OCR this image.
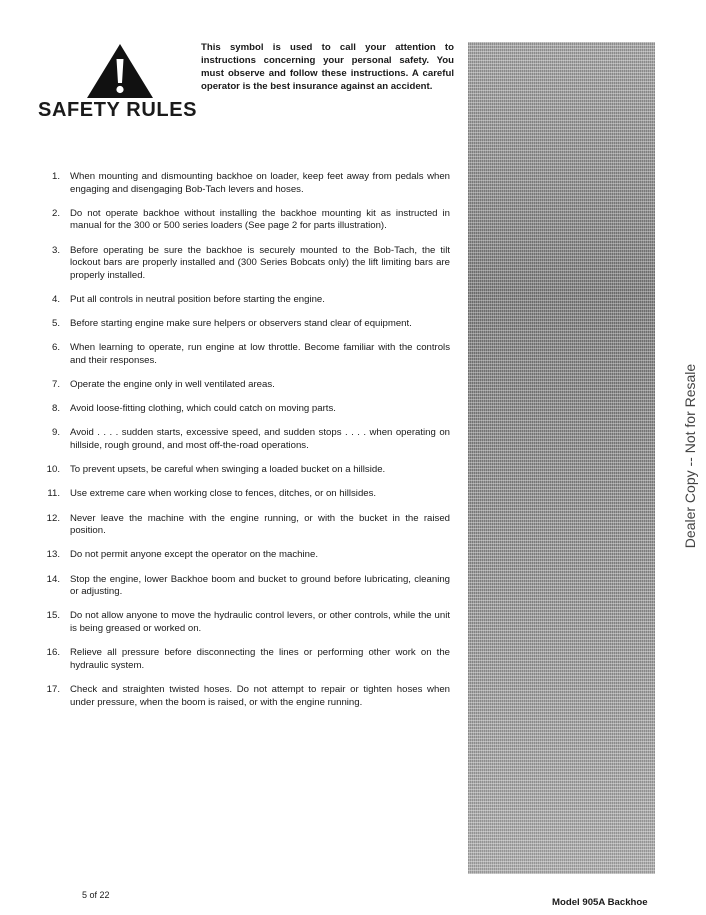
SAFETY RULES

This symbol is used to call your attention to instructions concerning your personal safety. You must observe and follow these instructions. A careful operator is the best insurance against an accident.

1. When mounting and dismounting backhoe on loader, keep feet away from pedals when engaging and disengaging Bob-Tach levers and hoses.
2. Do not operate backhoe without installing the backhoe mounting kit as instructed in manual for the 300 or 500 series loaders (See page 2 for parts illustration).
3. Before operating be sure the backhoe is securely mounted to the Bob-Tach, the tilt lockout bars are properly installed and (300 Series Bobcats only) the lift limiting bars are properly installed.
4. Put all controls in neutral position before starting the engine.
5. Before starting engine make sure helpers or observers stand clear of equipment.
6. When learning to operate, run engine at low throttle. Become familiar with the controls and their responses.
7. Operate the engine only in well ventilated areas.
8. Avoid loose-fitting clothing, which could catch on moving parts.
9. Avoid . . . . sudden starts, excessive speed, and sudden stops . . . . when operating on hillside, rough ground, and most off-the-road operations.
10. To prevent upsets, be careful when swinging a loaded bucket on a hillside.
11. Use extreme care when working close to fences, ditches, or on hillsides.
12. Never leave the machine with the engine running, or with the bucket in the raised position.
13. Do not permit anyone except the operator on the machine.
14. Stop the engine, lower Backhoe boom and bucket to ground before lubricating, cleaning or adjusting.
15. Do not allow anyone to move the hydraulic control levers, or other controls, while the unit is being greased or worked on.
16. Relieve all pressure before disconnecting the lines or performing other work on the hydraulic system.
17. Check and straighten twisted hoses. Do not attempt to repair or tighten hoses when under pressure, when the boom is raised, or with the engine running.
Dealer Copy -- Not for Resale

5 of 22

Model 905A Backhoe
